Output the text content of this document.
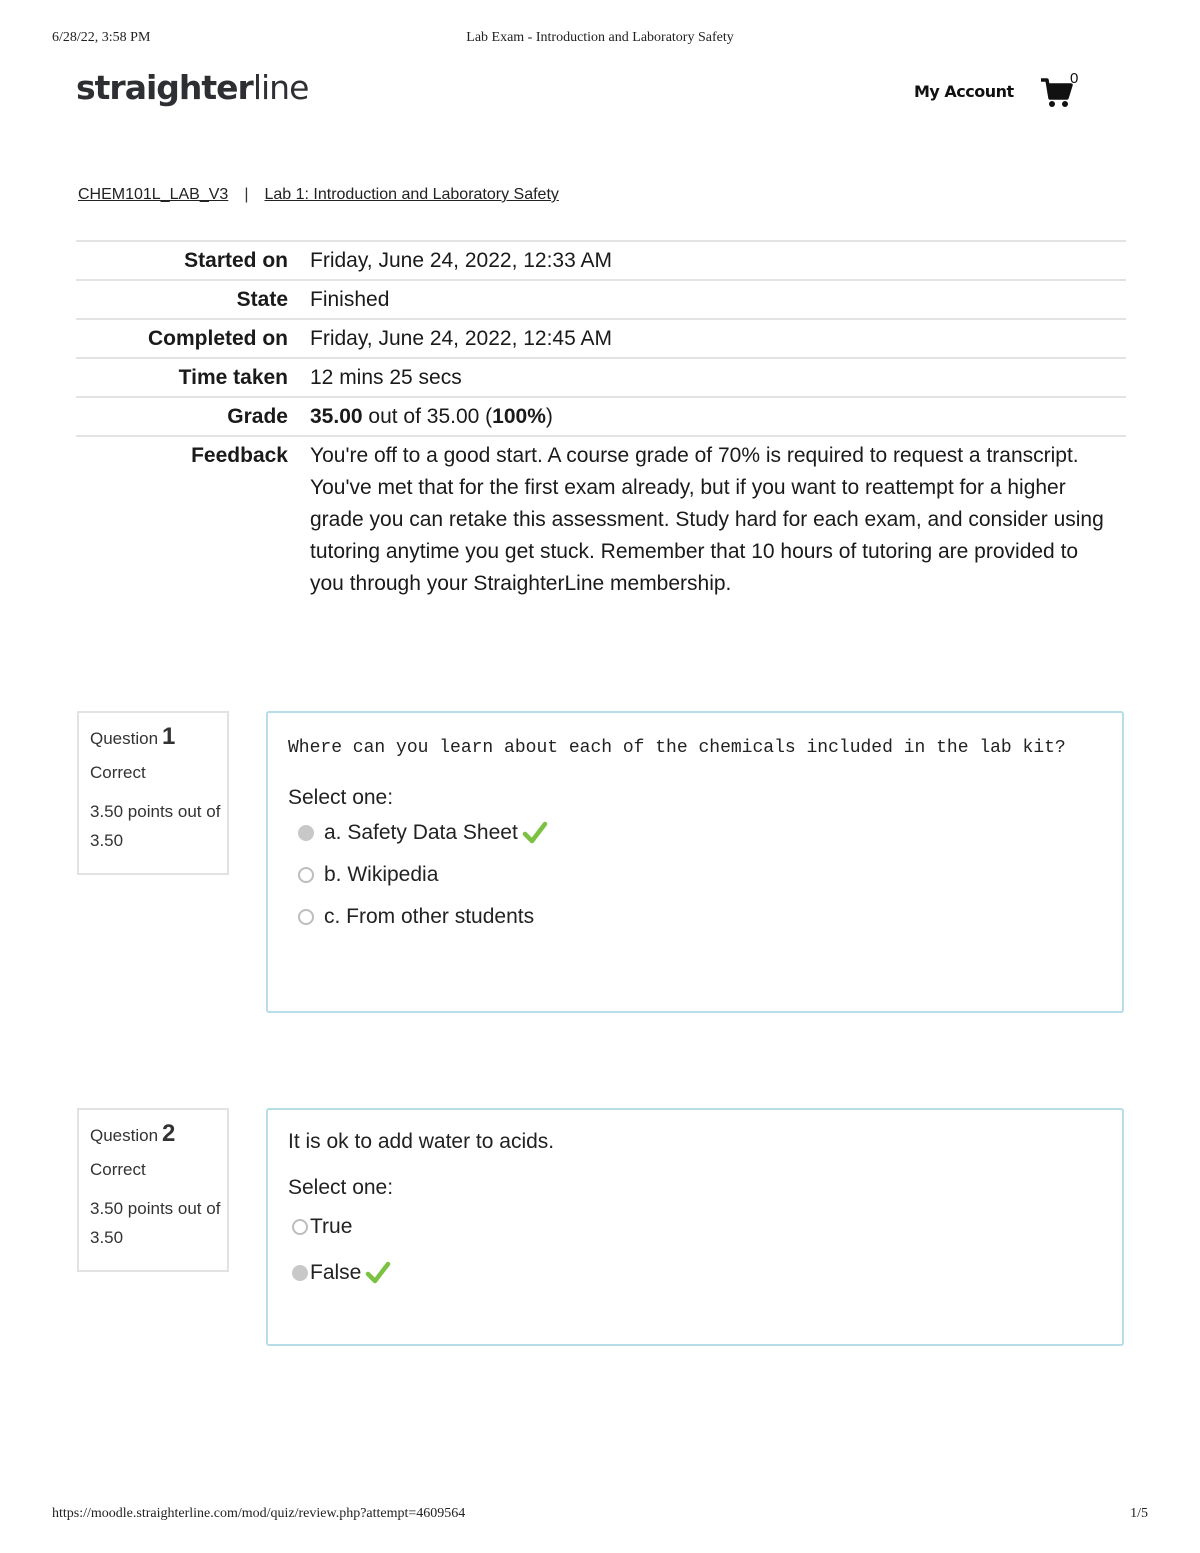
6/28/22, 3:58 PM	Lab Exam - Introduction and Laboratory Safety
straighterline	My Account
0
CHEM101L_LAB_V3 | Lab 1: Introduction and Laboratory Safety
Started on	Friday, June 24, 2022, 12:33 AM
State	Finished
Completed on	Friday, June 24, 2022, 12:45 AM
Time taken	12 mins 25 secs
Grade	35.00 out of 35.00 (100%)
Feedback	You're off to a good start. A course grade of 70% is required to request a transcript. You've met that for the first exam already, but if you want to reattempt for a higher grade you can retake this assessment. Study hard for each exam, and consider using tutoring anytime you get stuck. Remember that 10 hours of tutoring are provided to you through your StraighterLine membership.
Question 1
Correct
3.50 points out of 3.50
Where can you learn about each of the chemicals included in the lab kit?
Select one:
a. Safety Data Sheet
b. Wikipedia
c. From other students
Question 2
Correct
3.50 points out of 3.50
It is ok to add water to acids.
Select one:
True
False
https://moodle.straighterline.com/mod/quiz/review.php?attempt=4609564	1/5
